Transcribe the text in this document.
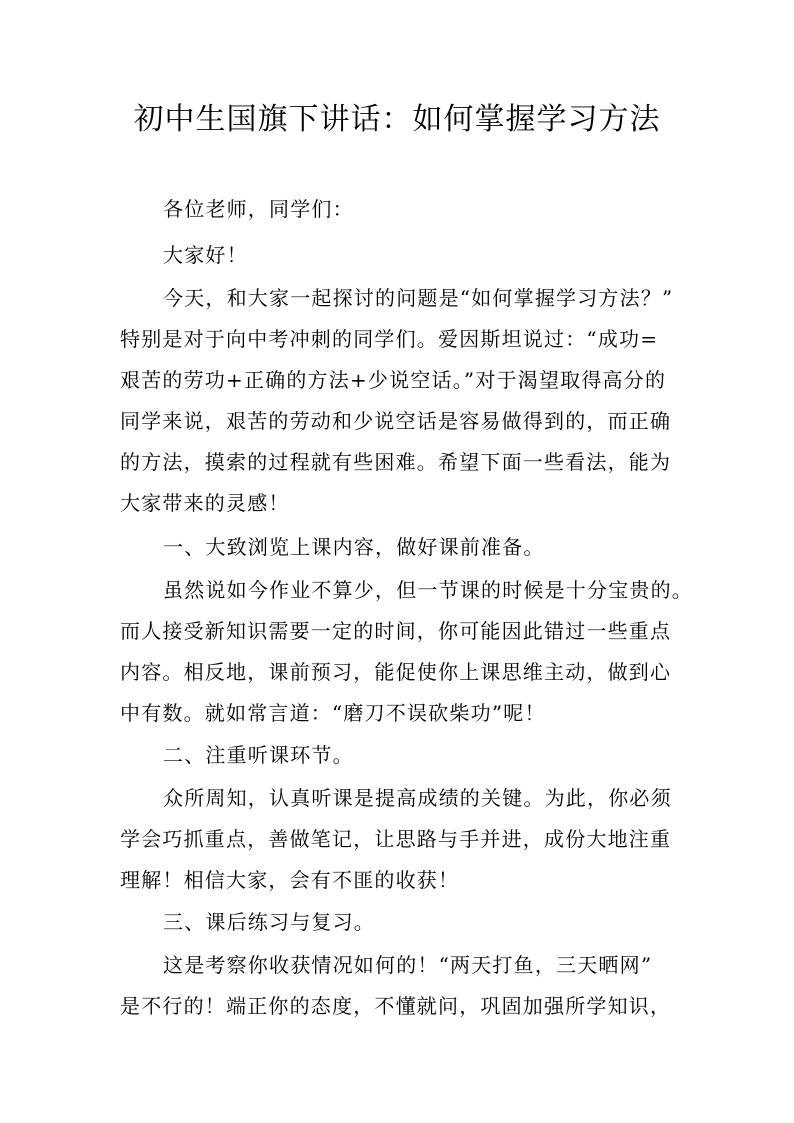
初中生国旗下讲话：如何掌握学习方法
各位老师，同学们：
大家好！
今天，和大家一起探讨的问题是“如何掌握学习方法？”
特别是对于向中考冲刺的同学们。爱因斯坦说过：“成功=
艰苦的劳功+正确的方法+少说空话。”对于渴望取得高分的
同学来说，艰苦的劳动和少说空话是容易做得到的，而正确
的方法，摸索的过程就有些困难。希望下面一些看法，能为
大家带来的灵感！
一、大致浏览上课内容，做好课前准备。
虽然说如今作业不算少，但一节课的时候是十分宝贵的。
而人接受新知识需要一定的时间，你可能因此错过一些重点
内容。相反地，课前预习，能促使你上课思维主动，做到心
中有数。就如常言道：“磨刀不误砍柴功”呢！
二、注重听课环节。
众所周知，认真听课是提高成绩的关键。为此，你必须
学会巧抓重点，善做笔记，让思路与手并进，成份大地注重
理解！相信大家，会有不匪的收获！
三、课后练习与复习。
这是考察你收获情况如何的！“两天打鱼，三天晒网”
是不行的！端正你的态度，不懂就问，巩固加强所学知识，
